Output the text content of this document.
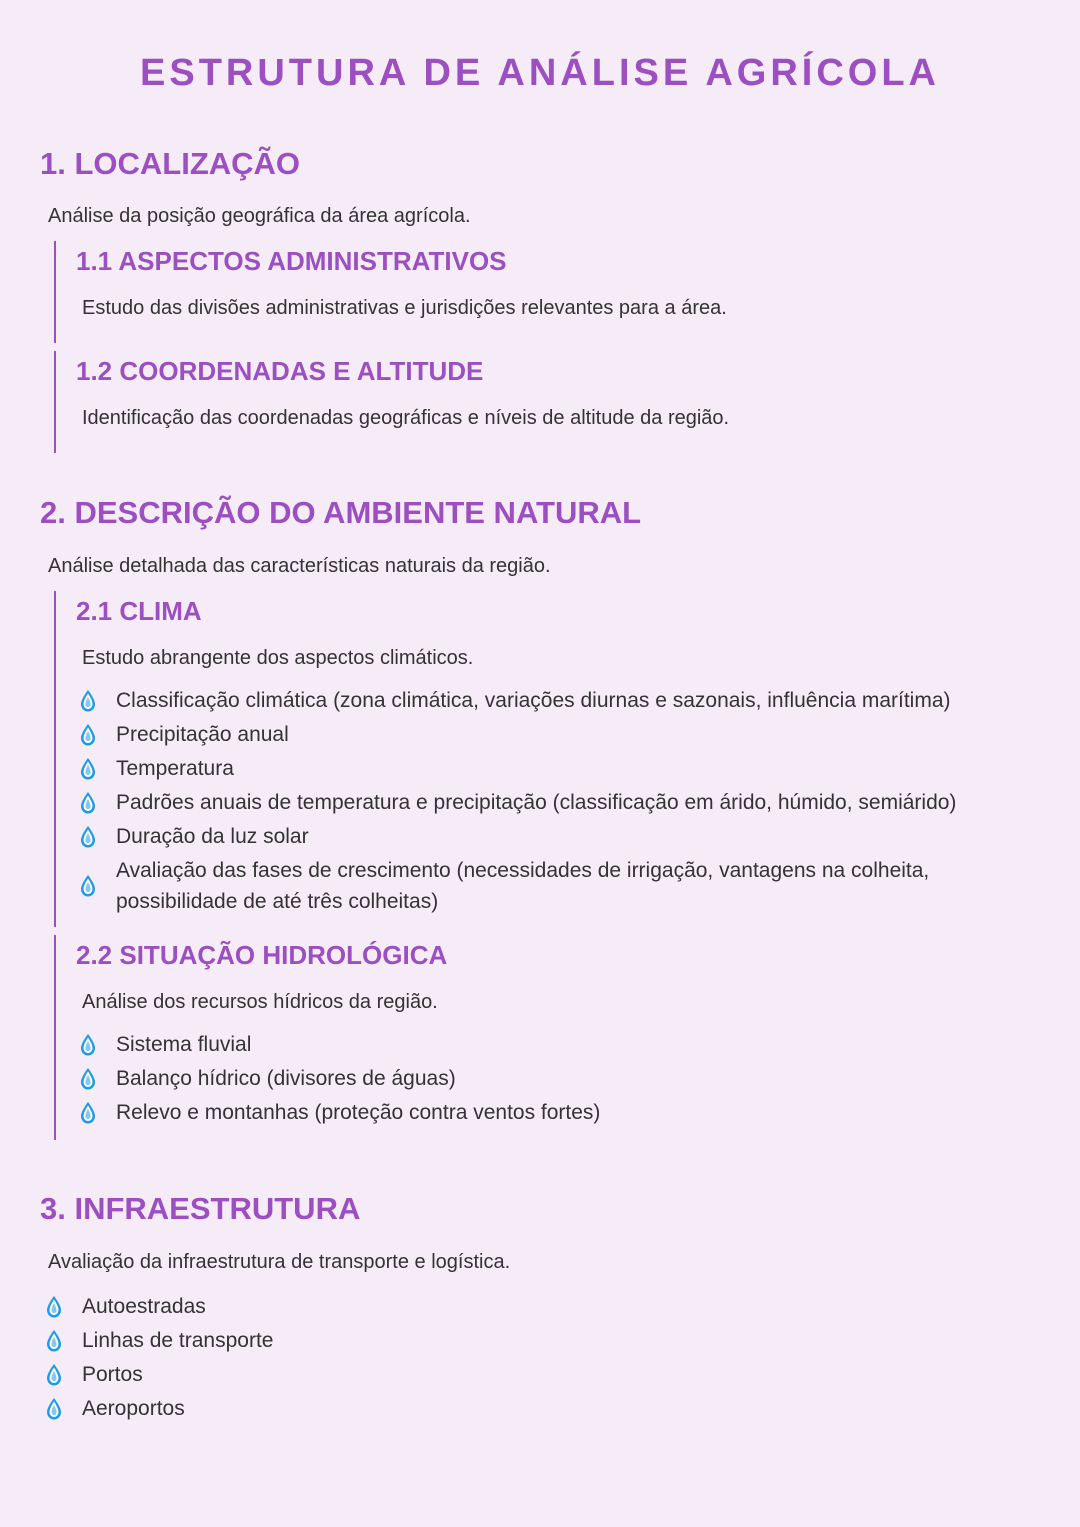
ESTRUTURA DE ANÁLISE AGRÍCOLA
1. LOCALIZAÇÃO

Análise da posição geográfica da área agrícola.

1.1 ASPECTOS ADMINISTRATIVOS

Estudo das divisões administrativas e jurisdições relevantes para a área.

1.2 COORDENADAS E ALTITUDE

Identificação das coordenadas geográficas e níveis de altitude da região.

2. DESCRIÇÃO DO AMBIENTE NATURAL

Análise detalhada das características naturais da região.

2.1 CLIMA

Estudo abrangente dos aspectos climáticos.

Classificação climática (zona climática, variações diurnas e sazonais, influência marítima)
Precipitação anual
Temperatura
Padrões anuais de temperatura e precipitação (classificação em árido, húmido, semiárido)
Duração da luz solar
Avaliação das fases de crescimento (necessidades de irrigação, vantagens na colheita, possibilidade de até três colheitas)
2.2 SITUAÇÃO HIDROLÓGICA

Análise dos recursos hídricos da região.

Sistema fluvial
Balanço hídrico (divisores de águas)
Relevo e montanhas (proteção contra ventos fortes)
3. INFRAESTRUTURA

Avaliação da infraestrutura de transporte e logística.

Autoestradas
Linhas de transporte
Portos
Aeroportos
